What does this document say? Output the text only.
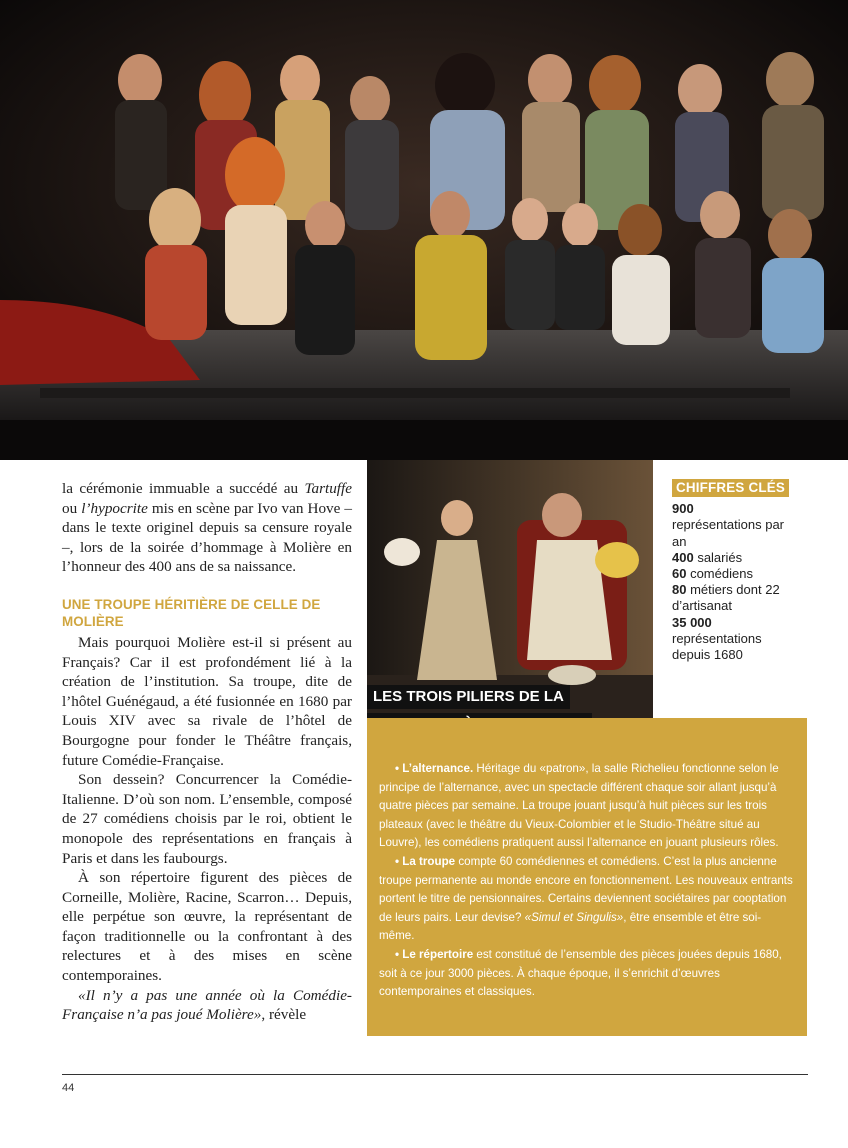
la cérémonie immuable a succédé au Tartuffe ou l’hypocrite mis en scène par Ivo van Hove – dans le texte originel depuis sa censure royale –, lors de la soirée d’hommage à Molière en l’honneur des 400 ans de sa naissance.

UNE TROUPE HÉRITIÈRE DE CELLE DE MOLIÈRE

Mais pourquoi Molière est-il si présent au Français? Car il est profondément lié à la création de l’institution. Sa troupe, dite de l’hôtel Guénégaud, a été fusionnée en 1680 par Louis XIV avec sa rivale de l’hôtel de Bourgogne pour fonder le Théâtre français, future Comédie-Française.

Son dessein? Concurrencer la Comédie-Italienne. D’où son nom. L’ensemble, composé de 27 comédiens choisis par le roi, obtient le monopole des représentations en français à Paris et dans les faubourgs.

À son répertoire figurent des pièces de Corneille, Molière, Racine, Scarron… Depuis, elle perpétue son œuvre, la représentant de façon traditionnelle ou la confrontant à des relectures et à des mises en scène contemporaines.

«Il n’y a pas une année où la Comédie-Française n’a pas joué Molière», révèle

LES TROIS PILIERS DE LA

• L’alternance. Héritage du «patron», la salle Richelieu fonctionne selon le principe de l’alternance, avec un spectacle différent chaque soir allant jusqu’à quatre pièces par semaine. La troupe jouant jusqu’à huit pièces sur les trois plateaux (avec le théâtre du Vieux-Colombier et le Studio-Théâtre situé au Louvre), les comédiens pratiquent aussi l’alternance en jouant plusieurs rôles.

• La troupe compte 60 comédiennes et comédiens. C’est la plus ancienne troupe permanente au monde encore en fonctionnement. Les nouveaux entrants portent le titre de pensionnaires. Certains deviennent sociétaires par cooptation de leurs pairs. Leur devise? «Simul et Singulis», être ensemble et être soi-même.

• Le répertoire est constitué de l’ensemble des pièces jouées depuis 1680, soit à ce jour 3000 pièces. À chaque époque, il s’enrichit d’œuvres contemporaines et classiques.

CHIFFRES CLÉS
900
représentations par an
400 salariés
60 comédiens
80 métiers dont 22 d’artisanat
35 000
représentations depuis 1680
44
